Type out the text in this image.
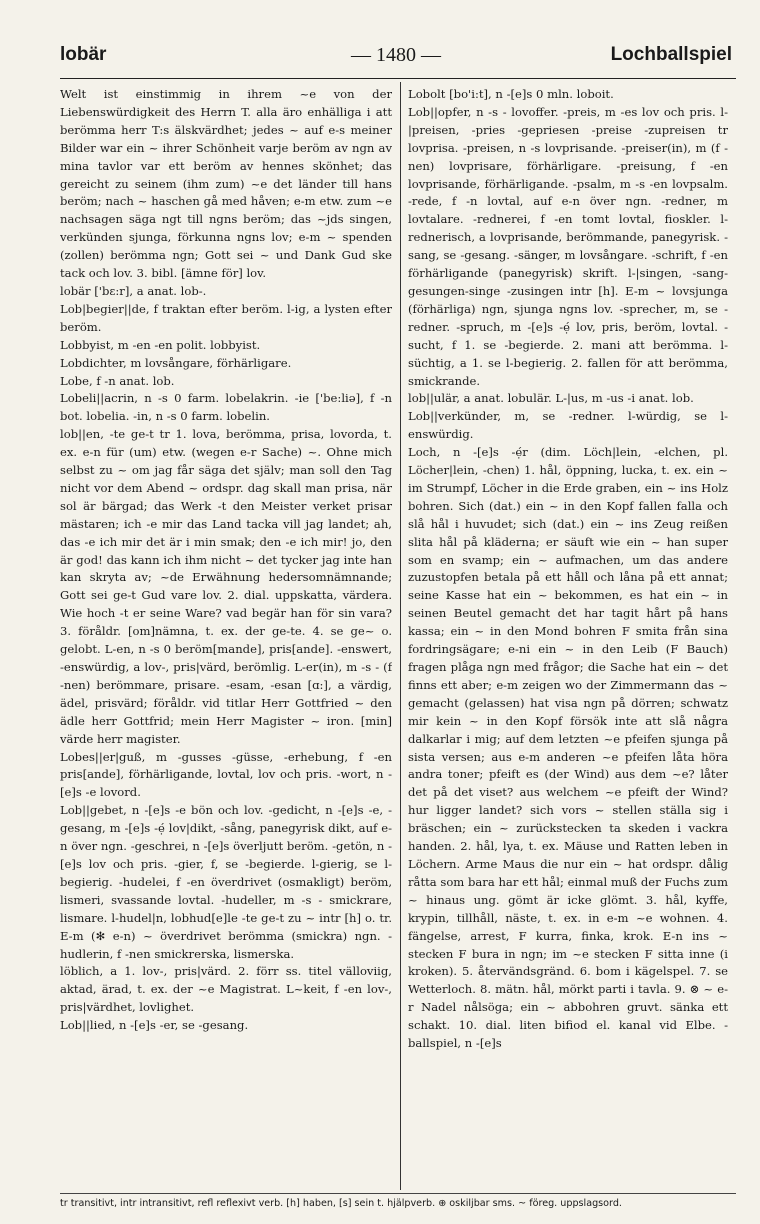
lobär	— 1480 —	Lochballspiel

Welt ist einstimmig in ihrem ~e von der Liebenswürdigkeit des Herrn T. alla äro enhälliga i att berömma herr T:s älskvärdhet; jedes ~ auf e-s meiner Bilder war ein ~ ihrer Schönheit varje beröm av ngn av mina tavlor var ett beröm av hennes skönhet; das gereicht zu seinem (ihm zum) ~e det länder till hans beröm; nach ~ haschen gå med håven; e-m etw. zum ~e nachsagen säga ngt till ngns beröm; das ~jds singen, verkünden sjunga, förkunna ngns lov; e-m ~ spenden (zollen) berömma ngn; Gott sei ~ und Dank Gud ske tack och lov. 3. bibl. [ämne för] lov.

lobär ['bɛ:r], a anat. lob-.

Lob|begier||de, f traktan efter beröm. l-ig, a lysten efter beröm.

Lobbyist, m -en -en polit. lobbyist.

Lobdichter, m lovsångare, förhärligare.

Lobe, f -n anat. lob.

Lobeli||acrin, n -s 0 farm. lobelakrin. -ie ['be:liə], f -n bot. lobelia. -in, n -s 0 farm. lobelin.

lob||en, -te ge-t tr 1. lova, berömma, prisa, lovorda, t. ex. e-n für (um) etw. (wegen e-r Sache) ~. Ohne mich selbst zu ~ om jag får säga det själv; man soll den Tag nicht vor dem Abend ~ ordspr. dag skall man prisa, när sol är bärgad; das Werk -t den Meister verket prisar mästaren; ich -e mir das Land tacka vill jag landet; ah, das -e ich mir det är i min smak; den -e ich mir! jo, den är god! das kann ich ihm nicht ~ det tycker jag inte han kan skryta av; ~de Erwähnung hedersomnämnande; Gott sei ge-t Gud vare lov. 2. dial. uppskatta, värdera. Wie hoch -t er seine Ware? vad begär han för sin vara? 3. föråldr. [om]nämna, t. ex. der ge-te. 4. se ge~ o. gelobt. L-en, n -s 0 beröm[mande], pris[ande]. -enswert, -enswürdig, a lov-, pris|värd, berömlig. L-er(in), m -s - (f -nen) berömmare, prisare. -esam, -esan [ɑ:], a värdig, ädel, prisvärd; föråldr. vid titlar Herr Gottfried ~ den ädle herr Gottfrid; mein Herr Magister ~ iron. [min] värde herr magister.

Lobes||er|guß, m -gusses -güsse, -erhebung, f -en pris[ande], förhärligande, lovtal, lov och pris. -wort, n -[e]s -e lovord.

Lob||gebet, n -[e]s -e bön och lov. -gedicht, n -[e]s -e, -gesang, m -[e]s -ẹ́ lov|dikt, -sång, panegyrisk dikt, auf e-n över ngn. -geschrei, n -[e]s överljutt beröm. -getön, n -[e]s lov och pris. -gier, f, se -begierde. l-gierig, se l-begierig. -hudelei, f -en överdrivet (osmakligt) beröm, lismeri, svassande lovtal. -hudeller, m -s - smickrare, lismare. l-hudel|n, lobhud[e]le -te ge-t zu ~ intr [h] o. tr. E-m (✻ e-n) ~ överdrivet berömma (smickra) ngn. -hudlerin, f -nen smickrerska, lismerska.

löblich, a 1. lov-, pris|värd. 2. förr ss. titel välloviig, aktad, ärad, t. ex. der ~e Magistrat. L~keit, f -en lov-, pris|värdhet, lovlighet.

Lob||lied, n -[e]s -er, se -gesang.

Lobolt [bo'i:t], n -[e]s 0 mln. loboit.

Lob||opfer, n -s - lovoffer. -preis, m -es lov och pris. l-|preisen, -pries -gepriesen -preise -zupreisen tr lovprisa. -preisen, n -s lovprisande. -preiser(in), m (f -nen) lovprisare, förhärligare. -preisung, f -en lovprisande, förhärligande. -psalm, m -s -en lovpsalm. -rede, f -n lovtal, auf e-n över ngn. -redner, m lovtalare. -rednerei, f -en tomt lovtal, fioskler. l-rednerisch, a lovprisande, berömmande, panegyrisk. -sang, se -gesang. -sänger, m lovsångare. -schrift, f -en förhärligande (panegyrisk) skrift. l-|singen, -sang-gesungen-singe -zusingen intr [h]. E-m ~ lovsjunga (förhärliga) ngn, sjunga ngns lov. -sprecher, m, se -redner. -spruch, m -[e]s -ẹ́ lov, pris, beröm, lovtal. -sucht, f 1. se -begierde. 2. mani att berömma. l-süchtig, a 1. se l-begierig. 2. fallen för att berömma, smickrande.

lob||ulär, a anat. lobulär. L-|us, m -us -i anat. lob.

Lob||verkünder, m, se -redner. l-würdig, se l-enswürdig.

Loch, n -[e]s -ẹ́r (dim. Löch|lein, -elchen, pl. Löcher|lein, -chen) 1. hål, öppning, lucka, t. ex. ein ~ im Strumpf, Löcher in die Erde graben, ein ~ ins Holz bohren. Sich (dat.) ein ~ in den Kopf fallen falla och slå hål i huvudet; sich (dat.) ein ~ ins Zeug reißen slita hål på kläderna; er säuft wie ein ~ han super som en svamp; ein ~ aufmachen, um das andere zuzustopfen betala på ett håll och låna på ett annat; seine Kasse hat ein ~ bekommen, es hat ein ~ in seinen Beutel gemacht det har tagit hårt på hans kassa; ein ~ in den Mond bohren F smita från sina fordringsägare; e-ni ein ~ in den Leib (F Bauch) fragen plåga ngn med frågor; die Sache hat ein ~ det finns ett aber; e-m zeigen wo der Zimmermann das ~ gemacht (gelassen) hat visa ngn på dörren; schwatz mir kein ~ in den Kopf försök inte att slå några dalkarlar i mig; auf dem letzten ~e pfeifen sjunga på sista versen; aus e-m anderen ~e pfeifen låta höra andra toner; pfeift es (der Wind) aus dem ~e? låter det på det viset? aus welchem ~e pfeift der Wind? hur ligger landet? sich vors ~ stellen ställa sig i bräschen; ein ~ zurückstecken ta skeden i vackra handen. 2. hål, lya, t. ex. Mäuse und Ratten leben in Löchern. Arme Maus die nur ein ~ hat ordspr. dålig råtta som bara har ett hål; einmal muß der Fuchs zum ~ hinaus ung. gömt är icke glömt. 3. hål, kyffe, krypin, tillhåll, näste, t. ex. in e-m ~e wohnen. 4. fängelse, arrest, F kurra, finka, krok. E-n ins ~ stecken F bura in ngn; im ~e stecken F sitta inne (i kroken). 5. återvändsgränd. 6. bom i kägelspel. 7. se Wetterloch. 8. mätn. hål, mörkt parti i tavla. 9. ⊗ ~ e-r Nadel nålsöga; ein ~ abbohren gruvt. sänka ett schakt. 10. dial. liten bifiod el. kanal vid Elbe. -ballspiel, n -[e]s

tr transitivt, intr intransitivt, refl reflexivt verb. [h] haben, [s] sein t. hjälpverb. ⊕ oskiljbar sms. ~ föreg. uppslagsord.
